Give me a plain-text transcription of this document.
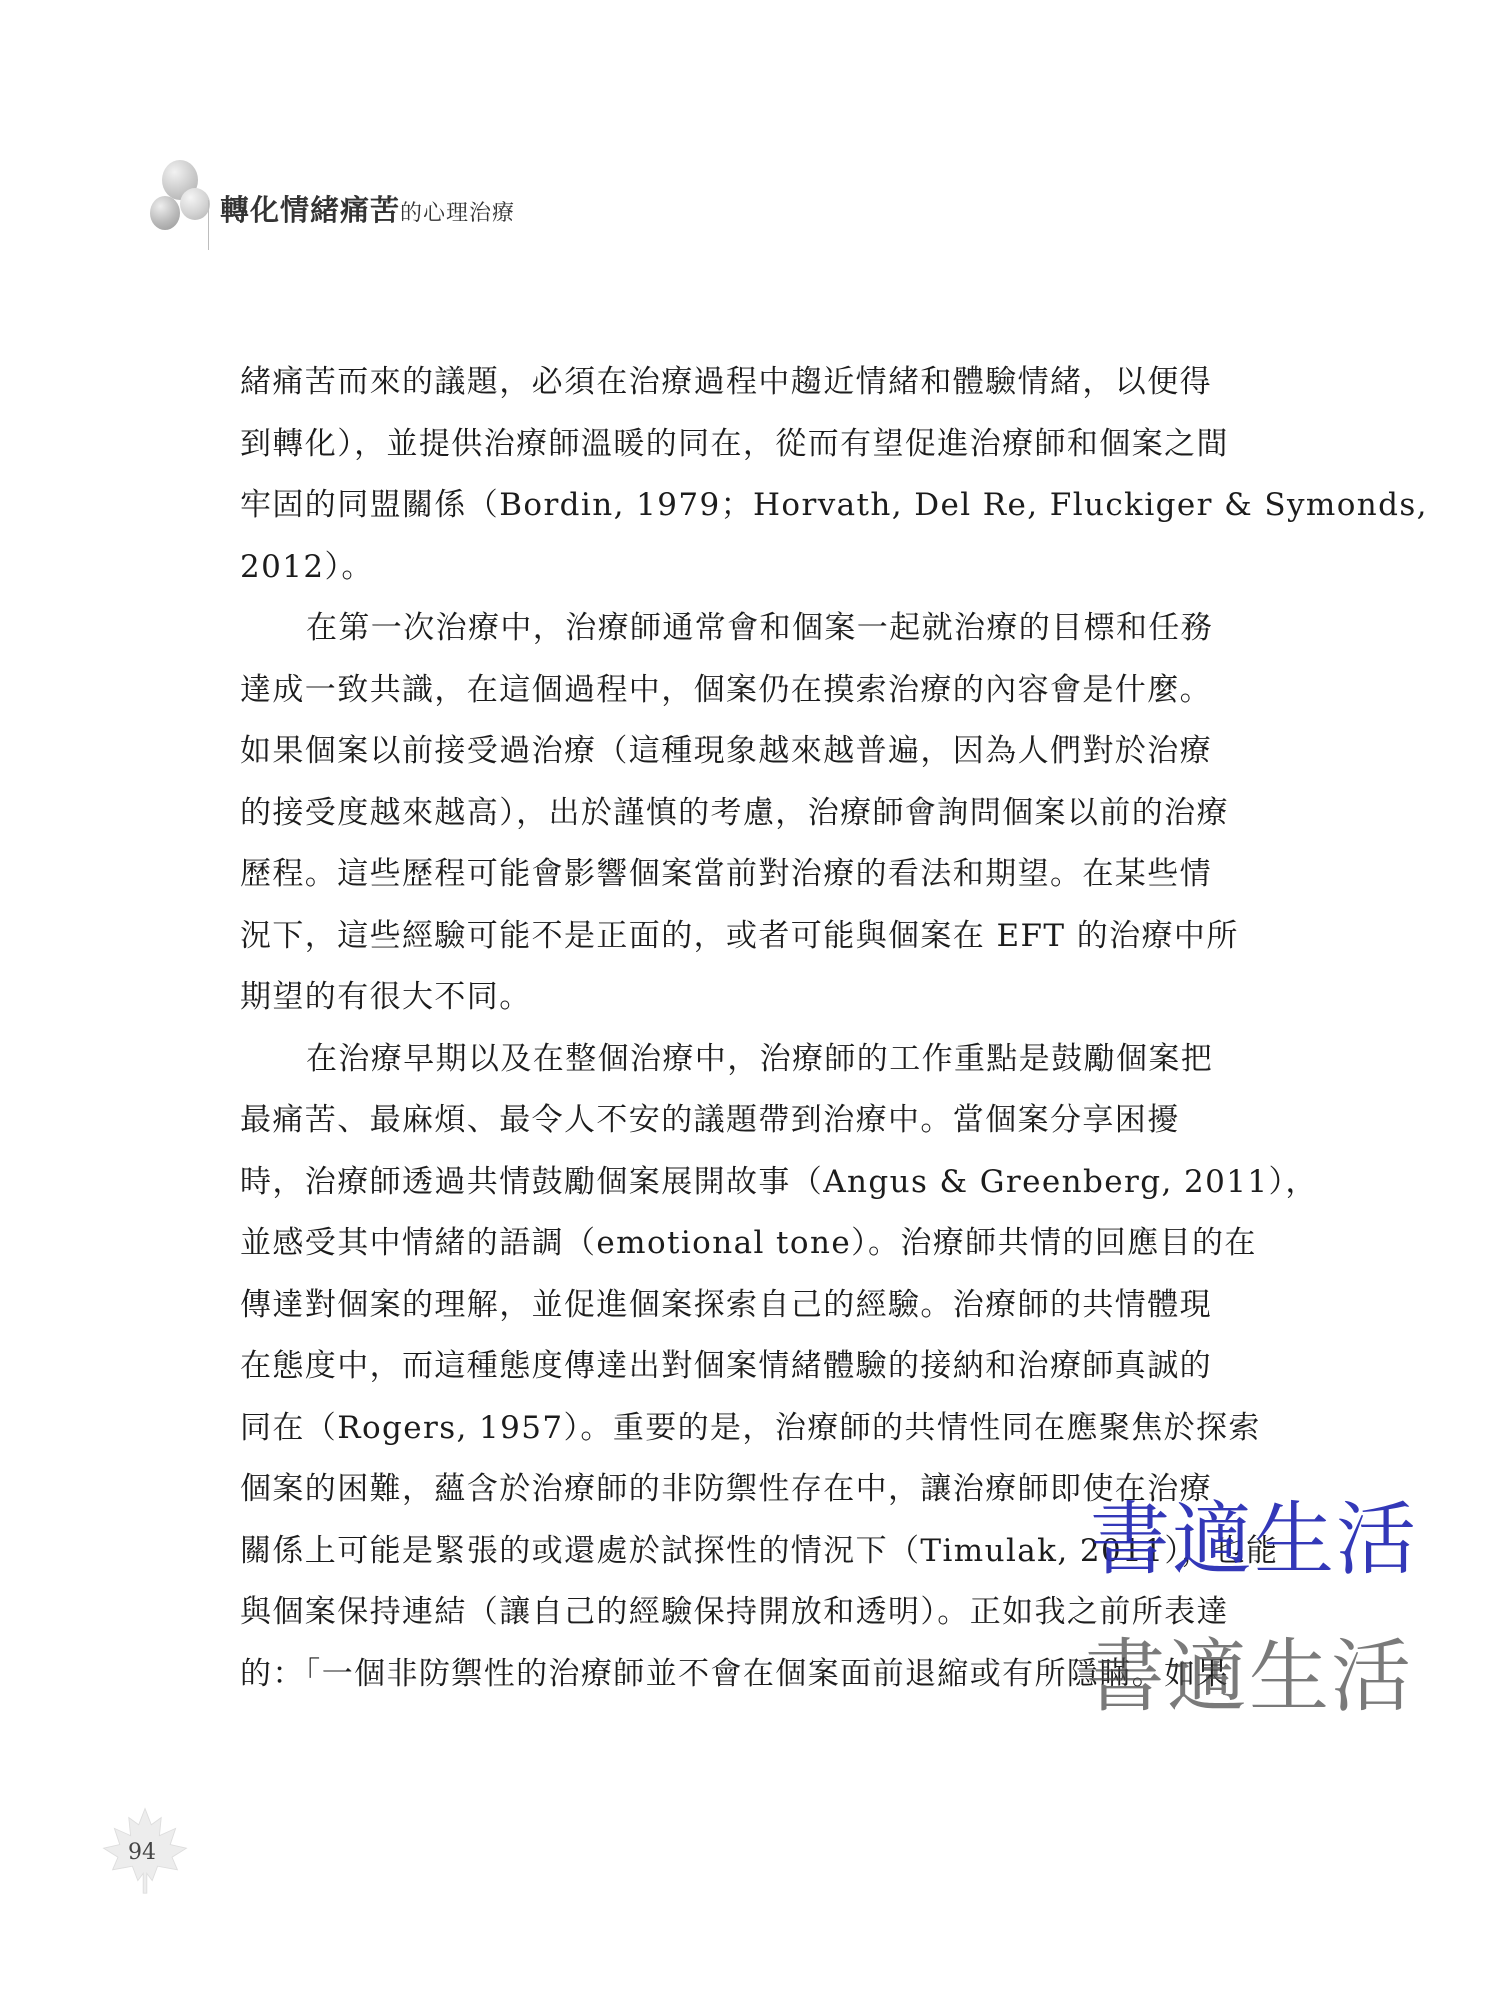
轉化情緒痛苦的心理治療
緒痛苦而來的議題，必須在治療過程中趨近情緒和體驗情緒，以便得
到轉化），並提供治療師溫暖的同在，從而有望促進治療師和個案之間
牢固的同盟關係（Bordin, 1979；Horvath, Del Re, Fluckiger & Symonds,
2012）。
在第一次治療中，治療師通常會和個案一起就治療的目標和任務
達成一致共識，在這個過程中，個案仍在摸索治療的內容會是什麼。
如果個案以前接受過治療（這種現象越來越普遍，因為人們對於治療
的接受度越來越高），出於謹慎的考慮，治療師會詢問個案以前的治療
歷程。這些歷程可能會影響個案當前對治療的看法和期望。在某些情
況下，這些經驗可能不是正面的，或者可能與個案在 EFT 的治療中所
期望的有很大不同。
在治療早期以及在整個治療中，治療師的工作重點是鼓勵個案把
最痛苦、最麻煩、最令人不安的議題帶到治療中。當個案分享困擾
時，治療師透過共情鼓勵個案展開故事（Angus & Greenberg, 2011），
並感受其中情緒的語調（emotional tone）。治療師共情的回應目的在
傳達對個案的理解，並促進個案探索自己的經驗。治療師的共情體現
在態度中，而這種態度傳達出對個案情緒體驗的接納和治療師真誠的
同在（Rogers, 1957）。重要的是，治療師的共情性同在應聚焦於探索
個案的困難，蘊含於治療師的非防禦性存在中，讓治療師即使在治療
關係上可能是緊張的或還處於試探性的情況下（Timulak, 2011），也能
與個案保持連結（讓自己的經驗保持開放和透明）。正如我之前所表達
的：「一個非防禦性的治療師並不會在個案面前退縮或有所隱瞞。如果
書適生活
書適生活
94
